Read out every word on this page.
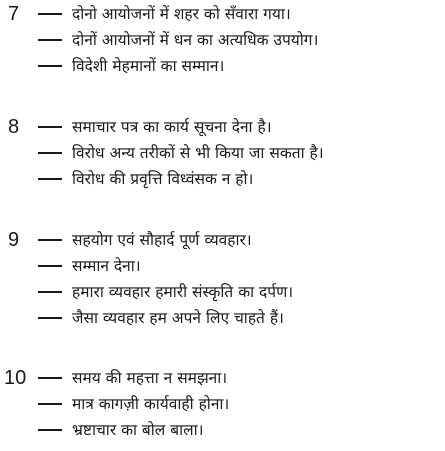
7	दोनो आयोजनों में शहर को सँवारा गया।
दोनों आयोजनों में धन का अत्यधिक उपयोग।
विदेशी मेहमानों का सम्मान।
8	समाचार पत्र का कार्य सूचना देना है।
विरोध अन्य तरीकों से भी किया जा सकता है।
विरोध की प्रवृत्ति विध्वंसक न हो।
9	सहयोग एवं सौहार्द पूर्ण व्यवहार।
सम्मान देना।
हमारा व्यवहार हमारी संस्कृति का दर्पण।
जैसा व्यवहार हम अपने लिए चाहते हैं।
10	समय की महत्ता न समझना।
मात्र कागज़ी कार्यवाही होना।
भ्रष्टाचार का बोल बाला।
